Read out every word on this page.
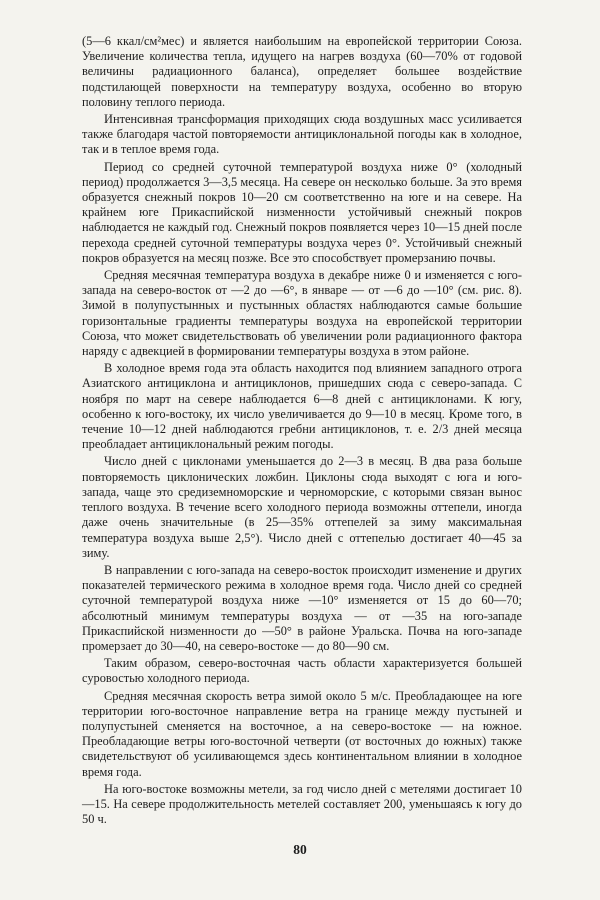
(5—6 ккал/см²мес) и является наибольшим на европейской территории Союза. Увеличение количества тепла, идущего на нагрев воздуха (60—70% от годовой величины радиационного баланса), определяет большее воздействие подстилающей поверхности на температуру воздуха, особенно во вторую половину теплого периода.

Интенсивная трансформация приходящих сюда воздушных масс усиливается также благодаря частой повторяемости антициклональной погоды как в холодное, так и в теплое время года.

Период со средней суточной температурой воздуха ниже 0° (холодный период) продолжается 3—3,5 месяца. На севере он несколько больше. За это время образуется снежный покров 10—20 см соответственно на юге и на севере. На крайнем юге Прикаспийской низменности устойчивый снежный покров наблюдается не каждый год. Снежный покров появляется через 10—15 дней после перехода средней суточной температуры воздуха через 0°. Устойчивый снежный покров образуется на месяц позже. Все это способствует промерзанию почвы.

Средняя месячная температура воздуха в декабре ниже 0 и изменяется с юго-запада на северо-восток от —2 до —6°, в январе — от —6 до —10° (см. рис. 8). Зимой в полупустынных и пустынных областях наблюдаются самые большие горизонтальные градиенты температуры воздуха на европейской территории Союза, что может свидетельствовать об увеличении роли радиационного фактора наряду с адвекцией в формировании температуры воздуха в этом районе.

В холодное время года эта область находится под влиянием западного отрога Азиатского антициклона и антициклонов, пришедших сюда с северо-запада. С ноября по март на севере наблюдается 6—8 дней с антициклонами. К югу, особенно к юго-востоку, их число увеличивается до 9—10 в месяц. Кроме того, в течение 10—12 дней наблюдаются гребни антициклонов, т. е. 2/3 дней месяца преобладает антициклональный режим погоды.

Число дней с циклонами уменьшается до 2—3 в месяц. В два раза больше повторяемость циклонических ложбин. Циклоны сюда выходят с юга и юго-запада, чаще это средиземноморские и черноморские, с которыми связан вынос теплого воздуха. В течение всего холодного периода возможны оттепели, иногда даже очень значительные (в 25—35% оттепелей за зиму максимальная температура воздуха выше 2,5°). Число дней с оттепелью достигает 40—45 за зиму.

В направлении с юго-запада на северо-восток происходит изменение и других показателей термического режима в холодное время года. Число дней со средней суточной температурой воздуха ниже —10° изменяется от 15 до 60—70; абсолютный минимум температуры воздуха — от —35 на юго-западе Прикаспийской низменности до —50° в районе Уральска. Почва на юго-западе промерзает до 30—40, на северо-востоке — до 80—90 см.

Таким образом, северо-восточная часть области характеризуется большей суровостью холодного периода.

Средняя месячная скорость ветра зимой около 5 м/с. Преобладающее на юге территории юго-восточное направление ветра на границе между пустыней и полупустыней сменяется на восточное, а на северо-востоке — на южное. Преобладающие ветры юго-восточной четверти (от восточных до южных) также свидетельствуют об усиливающемся здесь континентальном влиянии в холодное время года.

На юго-востоке возможны метели, за год число дней с метелями достигает 10—15. На севере продолжительность метелей составляет 200, уменьшаясь к югу до 50 ч.

80
